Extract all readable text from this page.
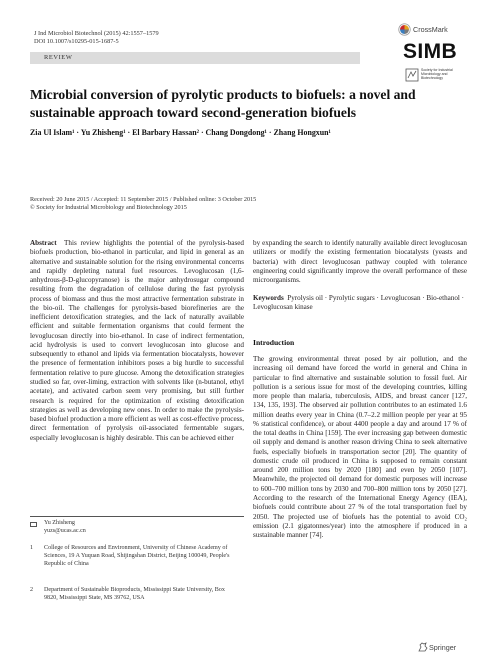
J Ind Microbiol Biotechnol (2015) 42:1557–1579
DOI 10.1007/s10295-015-1687-5
REVIEW
CrossMark
SIMB
Society for Industrial Microbiology and Biotechnology
Microbial conversion of pyrolytic products to biofuels: a novel and sustainable approach toward second-generation biofuels
Zia Ul Islam¹ · Yu Zhisheng¹ · El Barbary Hassan² · Chang Dongdong¹ · Zhang Hongxun¹
Received: 20 June 2015 / Accepted: 11 September 2015 / Published online: 3 October 2015
© Society for Industrial Microbiology and Biotechnology 2015
Abstract This review highlights the potential of the pyrolysis-based biofuels production, bio-ethanol in particular, and lipid in general as an alternative and sustainable solution for the rising environmental concerns and rapidly depleting natural fuel resources. Levoglucosan (1,6-anhydrous-β-D-glucopyranose) is the major anhydrosugar compound resulting from the degradation of cellulose during the fast pyrolysis process of biomass and thus the most attractive fermentation substrate in the bio-oil. The challenges for pyrolysis-based biorefineries are the inefficient detoxification strategies, and the lack of naturally available efficient and suitable fermentation organisms that could ferment the levoglucosan directly into bio-ethanol. In case of indirect fermentation, acid hydrolysis is used to convert levoglucosan into glucose and subsequently to ethanol and lipids via fermentation biocatalysts, however the presence of fermentation inhibitors poses a big hurdle to successful fermentation relative to pure glucose. Among the detoxification strategies studied so far, over-liming, extraction with solvents like (n-butanol, ethyl acetate), and activated carbon seem very promising, but still further research is required for the optimization of existing detoxification strategies as well as developing new ones. In order to make the pyrolysis-based biofuel production a more efficient as well as cost-effective process, direct fermentation of pyrolysis oil-associated fermentable sugars, especially levoglucosan is highly desirable. This can be achieved either
by expanding the search to identify naturally available direct levoglucosan utilizers or modify the existing fermentation biocatalysts (yeasts and bacteria) with direct levoglucosan pathway coupled with tolerance engineering could significantly improve the overall performance of these microorganisms.
Keywords Pyrolysis oil · Pyrolytic sugars · Levoglucosan · Bio-ethanol · Levoglucosan kinase
Introduction
The growing environmental threat posed by air pollution, and the increasing oil demand have forced the world in general and China in particular to find alternative and sustainable solution to fossil fuel. Air pollution is a serious issue for most of the developing countries, killing more people than malaria, tuberculosis, AIDS, and breast cancer [127, 134, 135, 193]. The observed air pollution contributes to an estimated 1.6 million deaths every year in China (0.7–2.2 million people per year at 95 % statistical confidence), or about 4400 people a day and around 17 % of the total deaths in China [159]. The ever increasing gap between domestic oil supply and demand is another reason driving China to seek alternative fuels, especially biofuels in transportation sector [20]. The quantity of domestic crude oil produced in China is supposed to remain constant around 200 million tons by 2020 [180] and even by 2050 [107]. Meanwhile, the projected oil demand for domestic purposes will increase to 600–700 million tons by 2030 and 700–800 million tons by 2050 [27]. According to the research of the International Energy Agency (IEA), biofuels could contribute about 27 % of the total transportation fuel by 2050. The projected use of biofuels has the potential to avoid CO₂ emission (2.1 gigatonnes/year) into the atmosphere if produced in a sustainable manner [74].
Yu Zhisheng
yuzs@ucas.ac.cn
1 College of Resources and Environment, University of Chinese Academy of Sciences, 19 A Yuquan Road, Shijingshan District, Beijing 100049, People's Republic of China
2 Department of Sustainable Bioproducts, Mississippi State University, Box 9820, Mississippi State, MS 39762, USA
Springer
